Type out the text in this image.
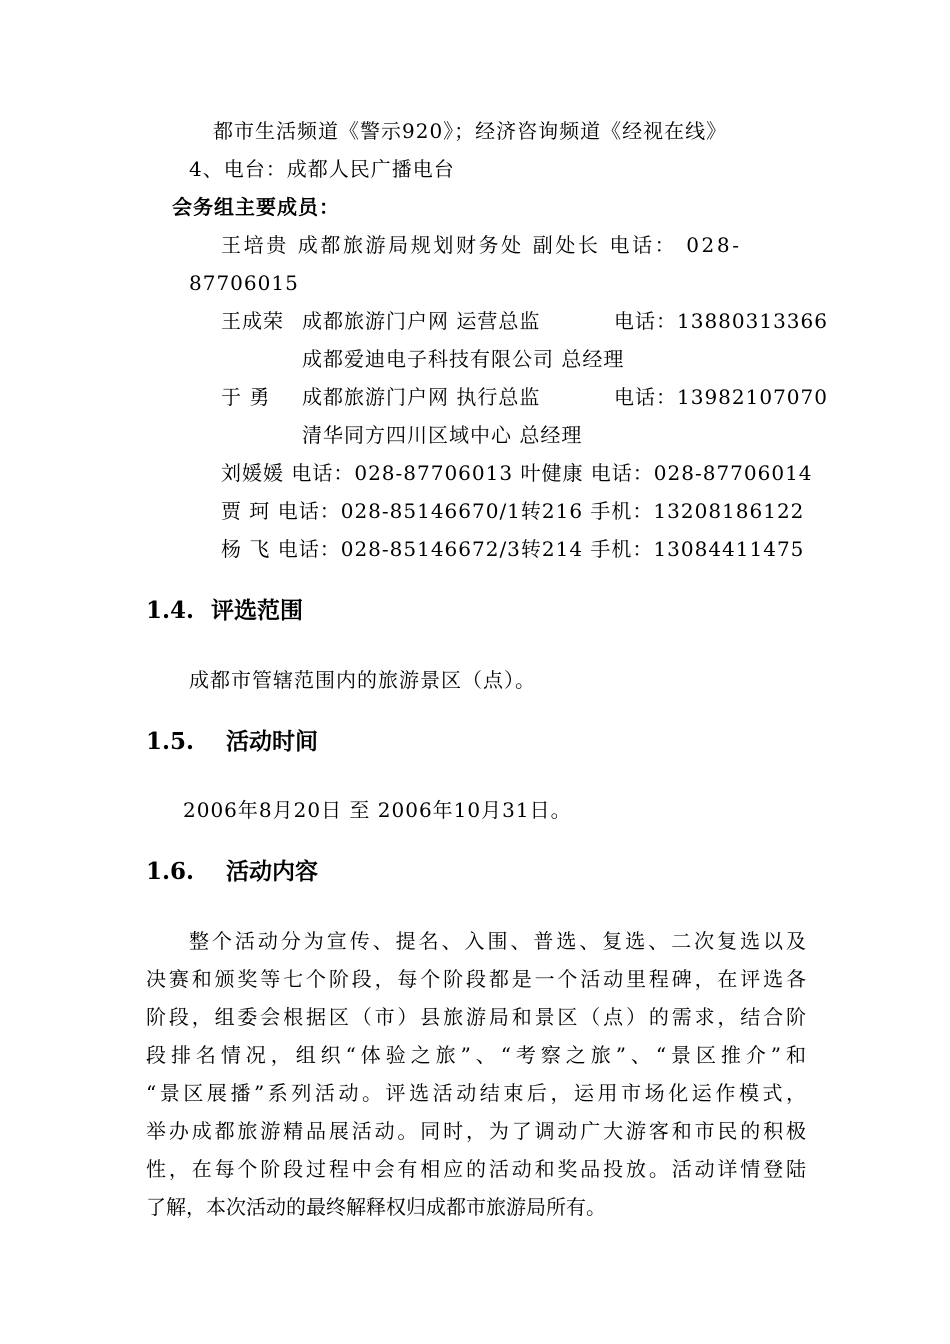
都市生活频道《警示920》；经济咨询频道《经视在线》
4、电台：成都人民广播电台
会务组主要成员：
王培贵 成都旅游局规划财务处 副处长 电话： 028-
87706015
王成荣 成都旅游门户网 运营总监	电话：13880313366
成都爱迪电子科技有限公司 总经理
于 勇 成都旅游门户网 执行总监	电话：13982107070
清华同方四川区域中心 总经理
刘媛媛 电话：028-87706013 叶健康 电话：028-87706014
贾 珂 电话：028-85146670/1转216 手机：13208186122
杨 飞 电话：028-85146672/3转214 手机：13084411475
1.4. 评选范围
成都市管辖范围内的旅游景区（点）。
1.5. 活动时间
2006年8月20日 至 2006年10月31日。
1.6. 活动内容
整个活动分为宣传、提名、入围、普选、复选、二次复选以及
决赛和颁奖等七个阶段，每个阶段都是一个活动里程碑，在评选各
阶段，组委会根据区（市）县旅游局和景区（点）的需求，结合阶
段排名情况，组织“体验之旅”、“考察之旅”、“景区推介”和
“景区展播”系列活动。评选活动结束后，运用市场化运作模式，
举办成都旅游精品展活动。同时，为了调动广大游客和市民的积极
性，在每个阶段过程中会有相应的活动和奖品投放。活动详情登陆
了解，本次活动的最终解释权归成都市旅游局所有。
